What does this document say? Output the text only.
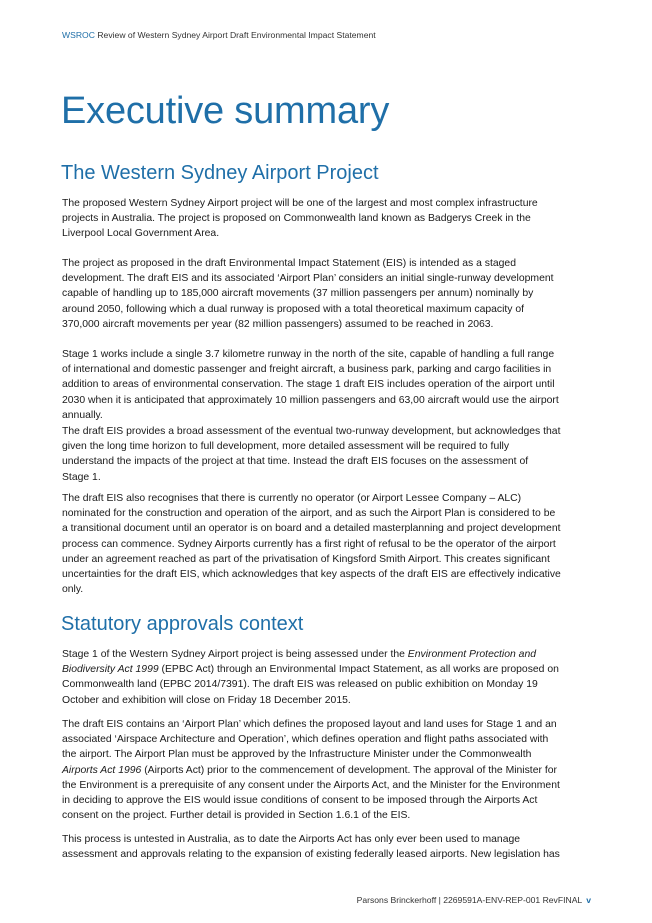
WSROC Review of Western Sydney Airport Draft Environmental Impact Statement
Executive summary
The Western Sydney Airport Project

The proposed Western Sydney Airport project will be one of the largest and most complex infrastructure
projects in Australia. The project is proposed on Commonwealth land known as Badgerys Creek in the
Liverpool Local Government Area.

The project as proposed in the draft Environmental Impact Statement (EIS) is intended as a staged
development. The draft EIS and its associated ‘Airport Plan’ considers an initial single-runway development
capable of handling up to 185,000 aircraft movements (37 million passengers per annum) nominally by
around 2050, following which a dual runway is proposed with a total theoretical maximum capacity of
370,000 aircraft movements per year (82 million passengers) assumed to be reached in 2063.

Stage 1 works include a single 3.7 kilometre runway in the north of the site, capable of handling a full range
of international and domestic passenger and freight aircraft, a business park, parking and cargo facilities in
addition to areas of environmental conservation. The stage 1 draft EIS includes operation of the airport until
2030 when it is anticipated that approximately 10 million passengers and 63,00 aircraft would use the airport
annually.

The draft EIS provides a broad assessment of the eventual two-runway development, but acknowledges that
given the long time horizon to full development, more detailed assessment will be required to fully
understand the impacts of the project at that time. Instead the draft EIS focuses on the assessment of
Stage 1.

The draft EIS also recognises that there is currently no operator (or Airport Lessee Company – ALC)
nominated for the construction and operation of the airport, and as such the Airport Plan is considered to be
a transitional document until an operator is on board and a detailed masterplanning and project development
process can commence. Sydney Airports currently has a first right of refusal to be the operator of the airport
under an agreement reached as part of the privatisation of Kingsford Smith Airport. This creates significant
uncertainties for the draft EIS, which acknowledges that key aspects of the draft EIS are effectively indicative
only.

Statutory approvals context

Stage 1 of the Western Sydney Airport project is being assessed under the Environment Protection and
Biodiversity Act 1999 (EPBC Act) through an Environmental Impact Statement, as all works are proposed on
Commonwealth land (EPBC 2014/7391). The draft EIS was released on public exhibition on Monday 19
October and exhibition will close on Friday 18 December 2015.

The draft EIS contains an ‘Airport Plan’ which defines the proposed layout and land uses for Stage 1 and an
associated ‘Airspace Architecture and Operation’, which defines operation and flight paths associated with
the airport. The Airport Plan must be approved by the Infrastructure Minister under the Commonwealth
Airports Act 1996 (Airports Act) prior to the commencement of development. The approval of the Minister for
the Environment is a prerequisite of any consent under the Airports Act, and the Minister for the Environment
in deciding to approve the EIS would issue conditions of consent to be imposed through the Airports Act
consent on the project. Further detail is provided in Section 1.6.1 of the EIS.

This process is untested in Australia, as to date the Airports Act has only ever been used to manage
assessment and approvals relating to the expansion of existing federally leased airports. New legislation has

Parsons Brinckerhoff | 2269591A-ENV-REP-001 RevFINAL v
